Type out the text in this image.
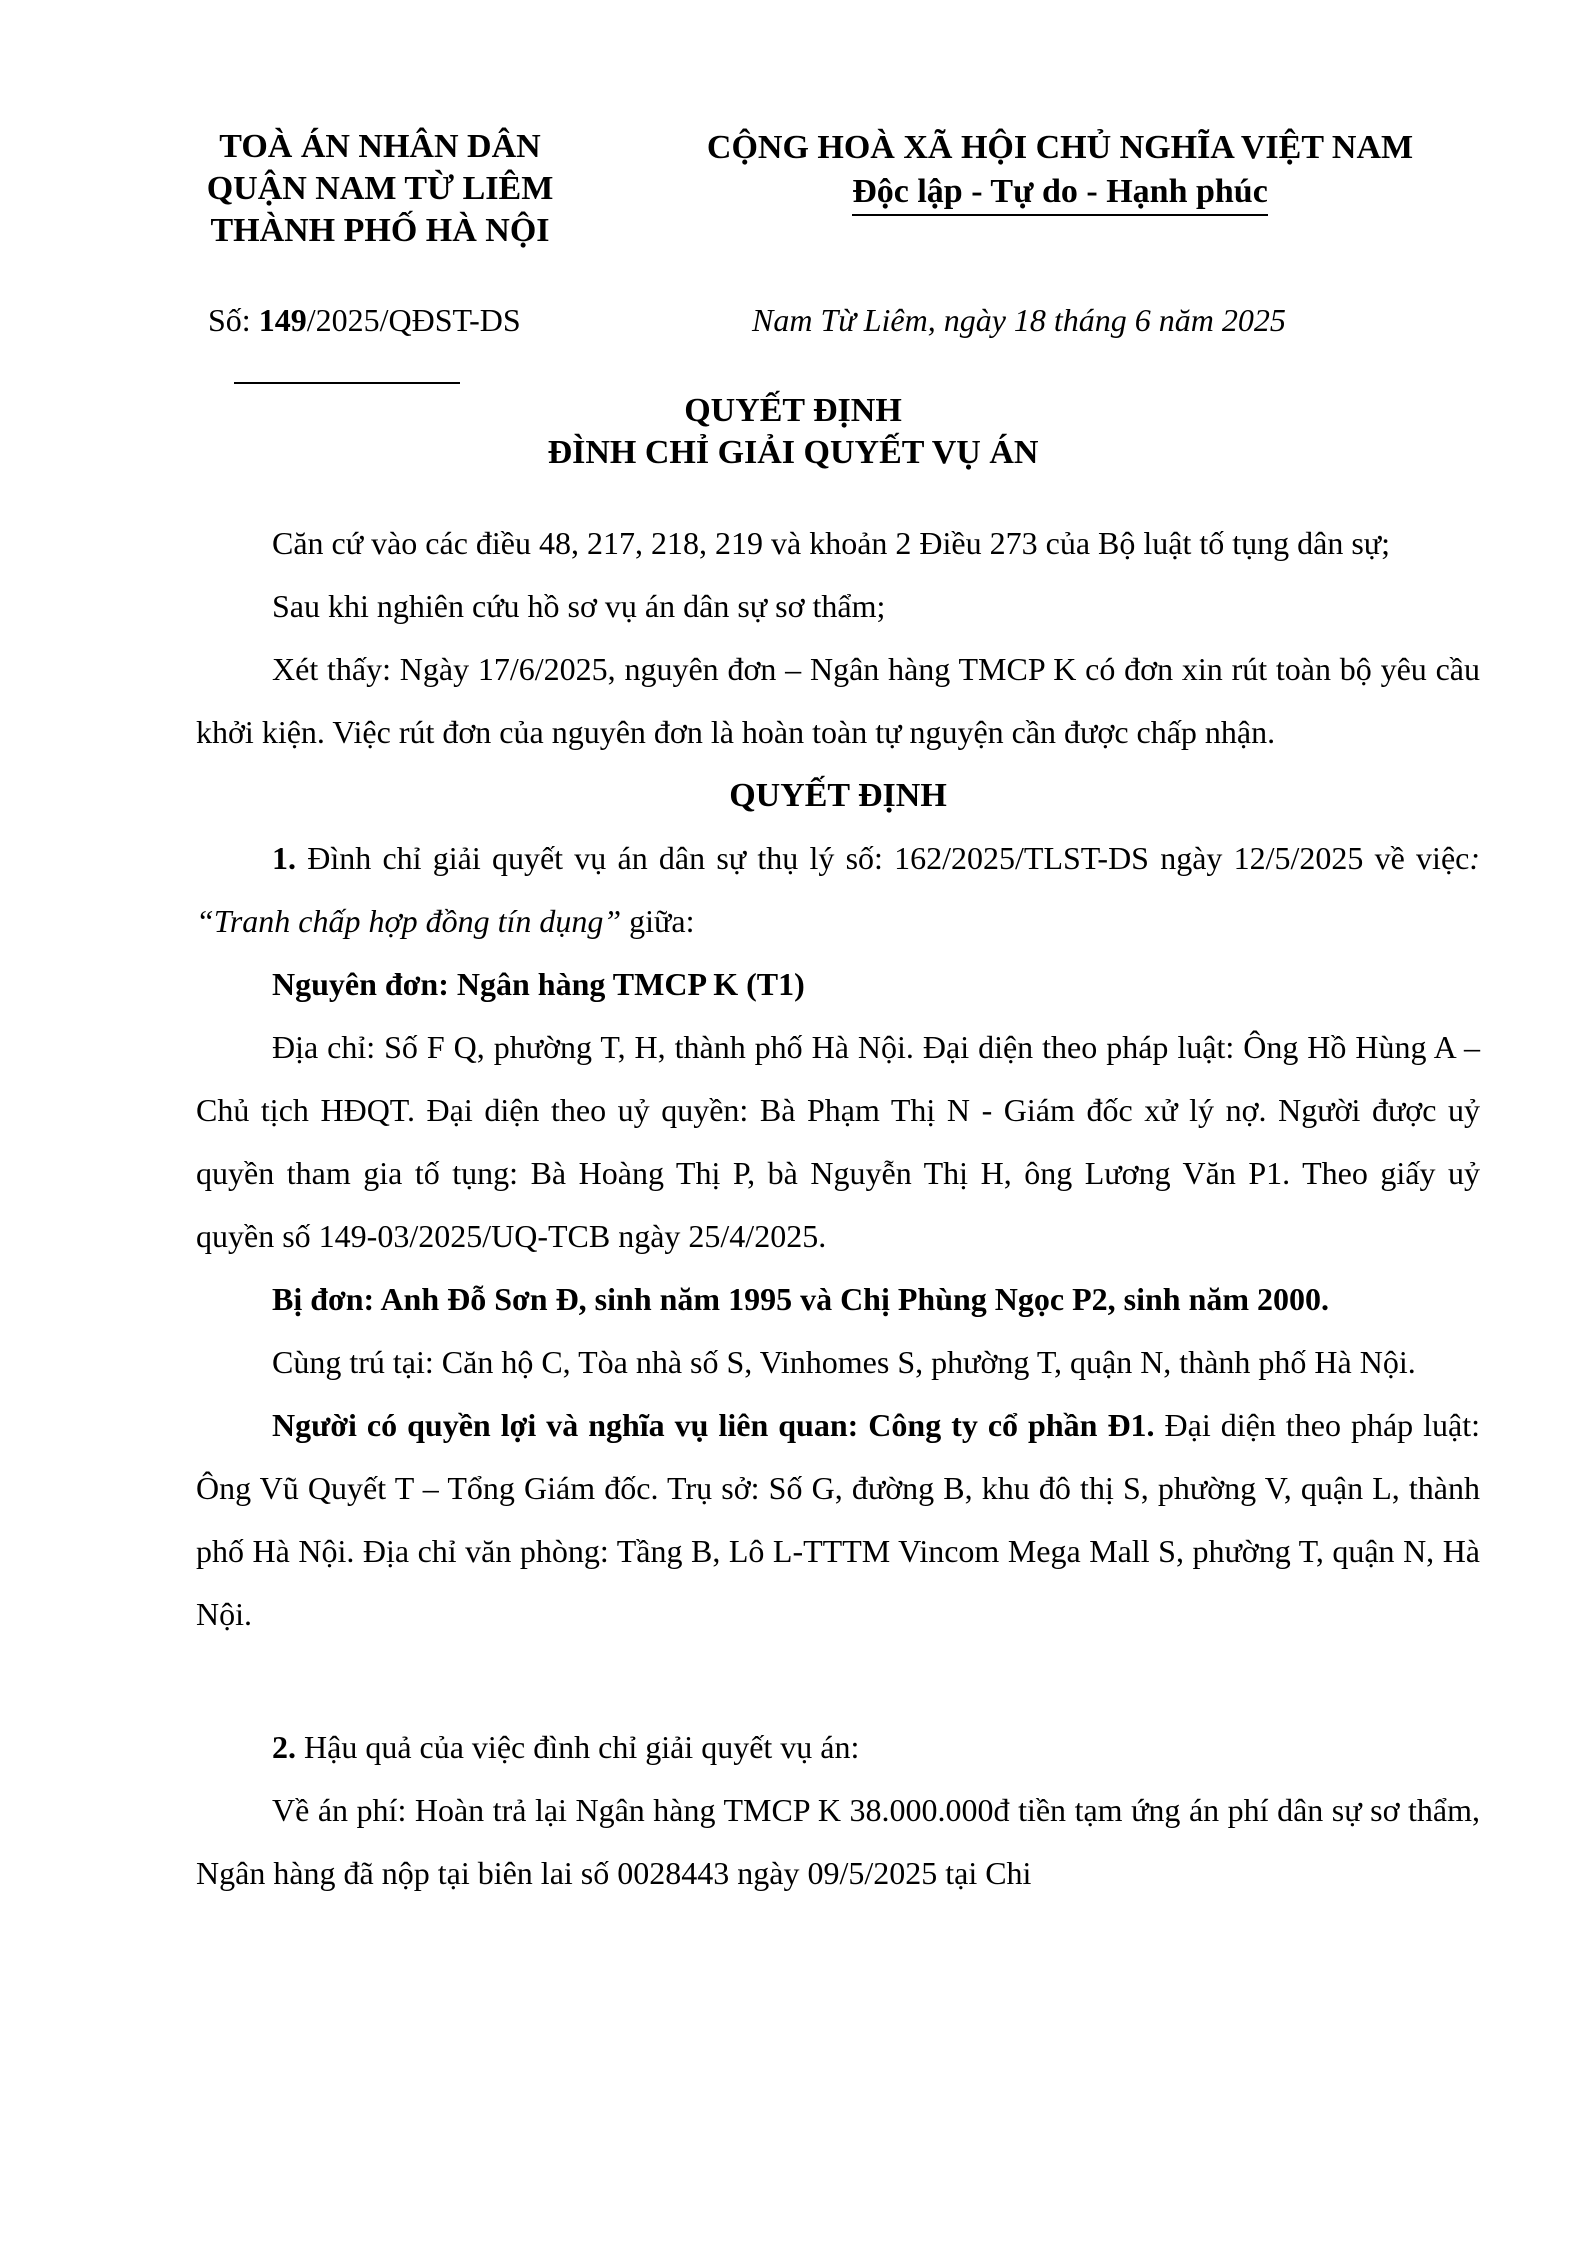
TOÀ ÁN NHÂN DÂN
QUẬN NAM TỪ LIÊM
THÀNH PHỐ HÀ NỘI
CỘNG HOÀ XÃ HỘI CHỦ NGHĨA VIỆT NAM
Độc lập - Tự do - Hạnh phúc
Số: 149/2025/QĐST-DS	Nam Từ Liêm, ngày 18 tháng 6 năm 2025
QUYẾT ĐỊNH
ĐÌNH CHỈ GIẢI QUYẾT VỤ ÁN

Căn cứ vào các điều 48, 217, 218, 219 và khoản 2 Điều 273 của Bộ luật tố tụng dân sự;

Sau khi nghiên cứu hồ sơ vụ án dân sự sơ thẩm;

Xét thấy: Ngày 17/6/2025, nguyên đơn – Ngân hàng TMCP K có đơn xin rút toàn bộ yêu cầu khởi kiện. Việc rút đơn của nguyên đơn là hoàn toàn tự nguyện cần được chấp nhận.

QUYẾT ĐỊNH

1. Đình chỉ giải quyết vụ án dân sự thụ lý số: 162/2025/TLST-DS ngày 12/5/2025 về việc: “Tranh chấp hợp đồng tín dụng” giữa:

Nguyên đơn: Ngân hàng TMCP K (T1)

Địa chỉ: Số F Q, phường T, H, thành phố Hà Nội. Đại diện theo pháp luật: Ông Hồ Hùng A – Chủ tịch HĐQT. Đại diện theo uỷ quyền: Bà Phạm Thị N - Giám đốc xử lý nợ. Người được uỷ quyền tham gia tố tụng: Bà Hoàng Thị P, bà Nguyễn Thị H, ông Lương Văn P1. Theo giấy uỷ quyền số 149-03/2025/UQ-TCB ngày 25/4/2025.

Bị đơn: Anh Đỗ Sơn Đ, sinh năm 1995 và Chị Phùng Ngọc P2, sinh năm 2000.

Cùng trú tại: Căn hộ C, Tòa nhà số S, Vinhomes S, phường T, quận N, thành phố Hà Nội.

Người có quyền lợi và nghĩa vụ liên quan: Công ty cổ phần Đ1. Đại diện theo pháp luật: Ông Vũ Quyết T – Tổng Giám đốc. Trụ sở: Số G, đường B, khu đô thị S, phường V, quận L, thành phố Hà Nội. Địa chỉ văn phòng: Tầng B, Lô L-TTTM Vincom Mega Mall S, phường T, quận N, Hà Nội.

2. Hậu quả của việc đình chỉ giải quyết vụ án:

Về án phí: Hoàn trả lại Ngân hàng TMCP K 38.000.000đ tiền tạm ứng án phí dân sự sơ thẩm, Ngân hàng đã nộp tại biên lai số 0028443 ngày 09/5/2025 tại Chi
